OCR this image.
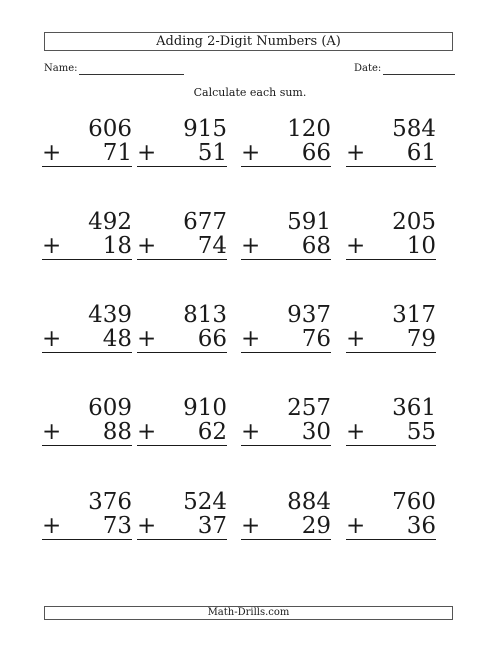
Adding 2-Digit Numbers (A)
Name:	Date:
Calculate each sum.
606
+ 71
915
+ 51
120
+ 66
584
+ 61
492
+ 18
677
+ 74
591
+ 68
205
+ 10
439
+ 48
813
+ 66
937
+ 76
317
+ 79
609
+ 88
910
+ 62
257
+ 30
361
+ 55
376
+ 73
524
+ 37
884
+ 29
760
+ 36
Math-Drills.com
